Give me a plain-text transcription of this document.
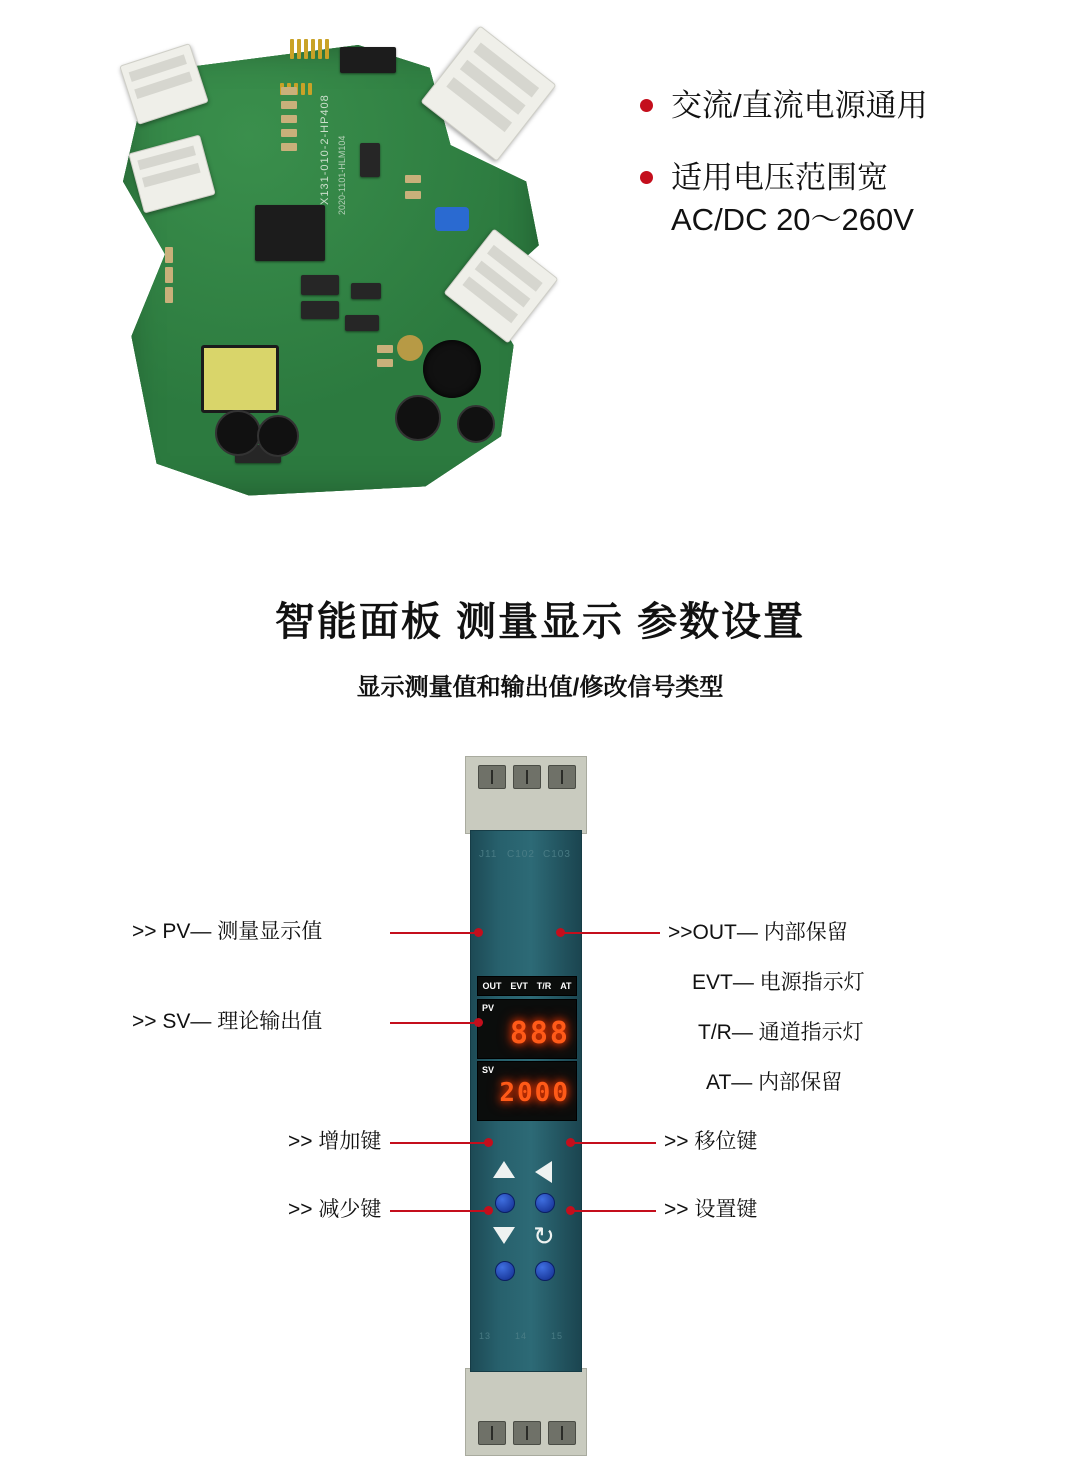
X131-010-2-HP408 2020-1101-HLM104
交流/直流电源通用
适用电压范围宽
AC/DC 20～260V
智能面板 测量显示 参数设置
显示测量值和输出值/修改信号类型
J11 C102 C103
OUT EVT T/R AT
PV
888
SV
2000
↻
13	14	15
>> PV— 测量显示值
>> SV— 理论输出值
>> 增加键
>> 减少键
>>OUT— 内部保留
EVT— 电源指示灯
T/R— 通道指示灯
AT— 内部保留
>> 移位键
>> 设置键
